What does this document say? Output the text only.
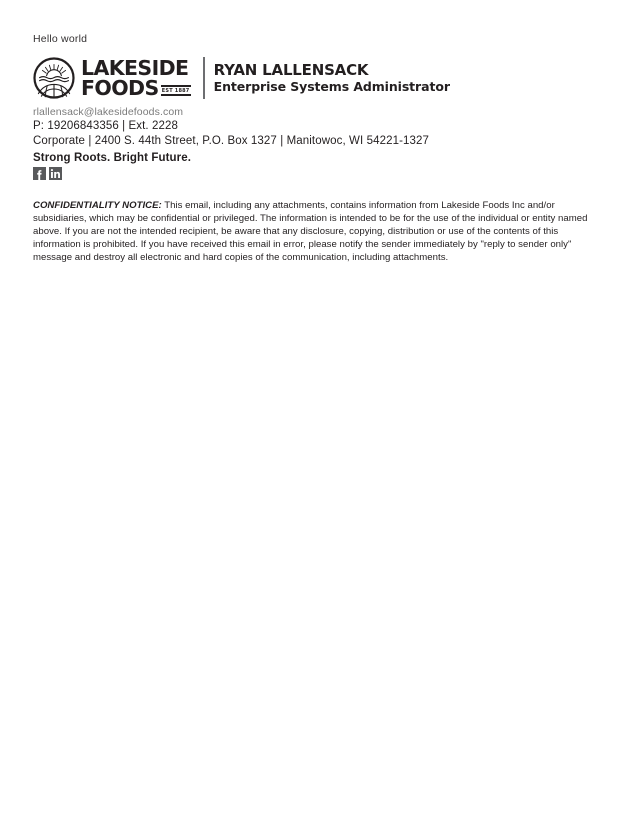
Hello world
LAKESIDE
FOODS EST 1887
RYAN LALLENSACK
Enterprise Systems Administrator
rlallensack@lakesidefoods.com
P: 19206843356 | Ext. 2228
Corporate | 2400 S. 44th Street, P.O. Box 1327 | Manitowoc, WI 54221-1327
Strong Roots. Bright Future.

CONFIDENTIALITY NOTICE: This email, including any attachments, contains information from Lakeside Foods Inc and/or subsidiaries, which may be confidential or privileged. The information is intended to be for the use of the individual or entity named above. If you are not the intended recipient, be aware that any disclosure, copying, distribution or use of the contents of this information is prohibited. If you have received this email in error, please notify the sender immediately by "reply to sender only" message and destroy all electronic and hard copies of the communication, including attachments.
